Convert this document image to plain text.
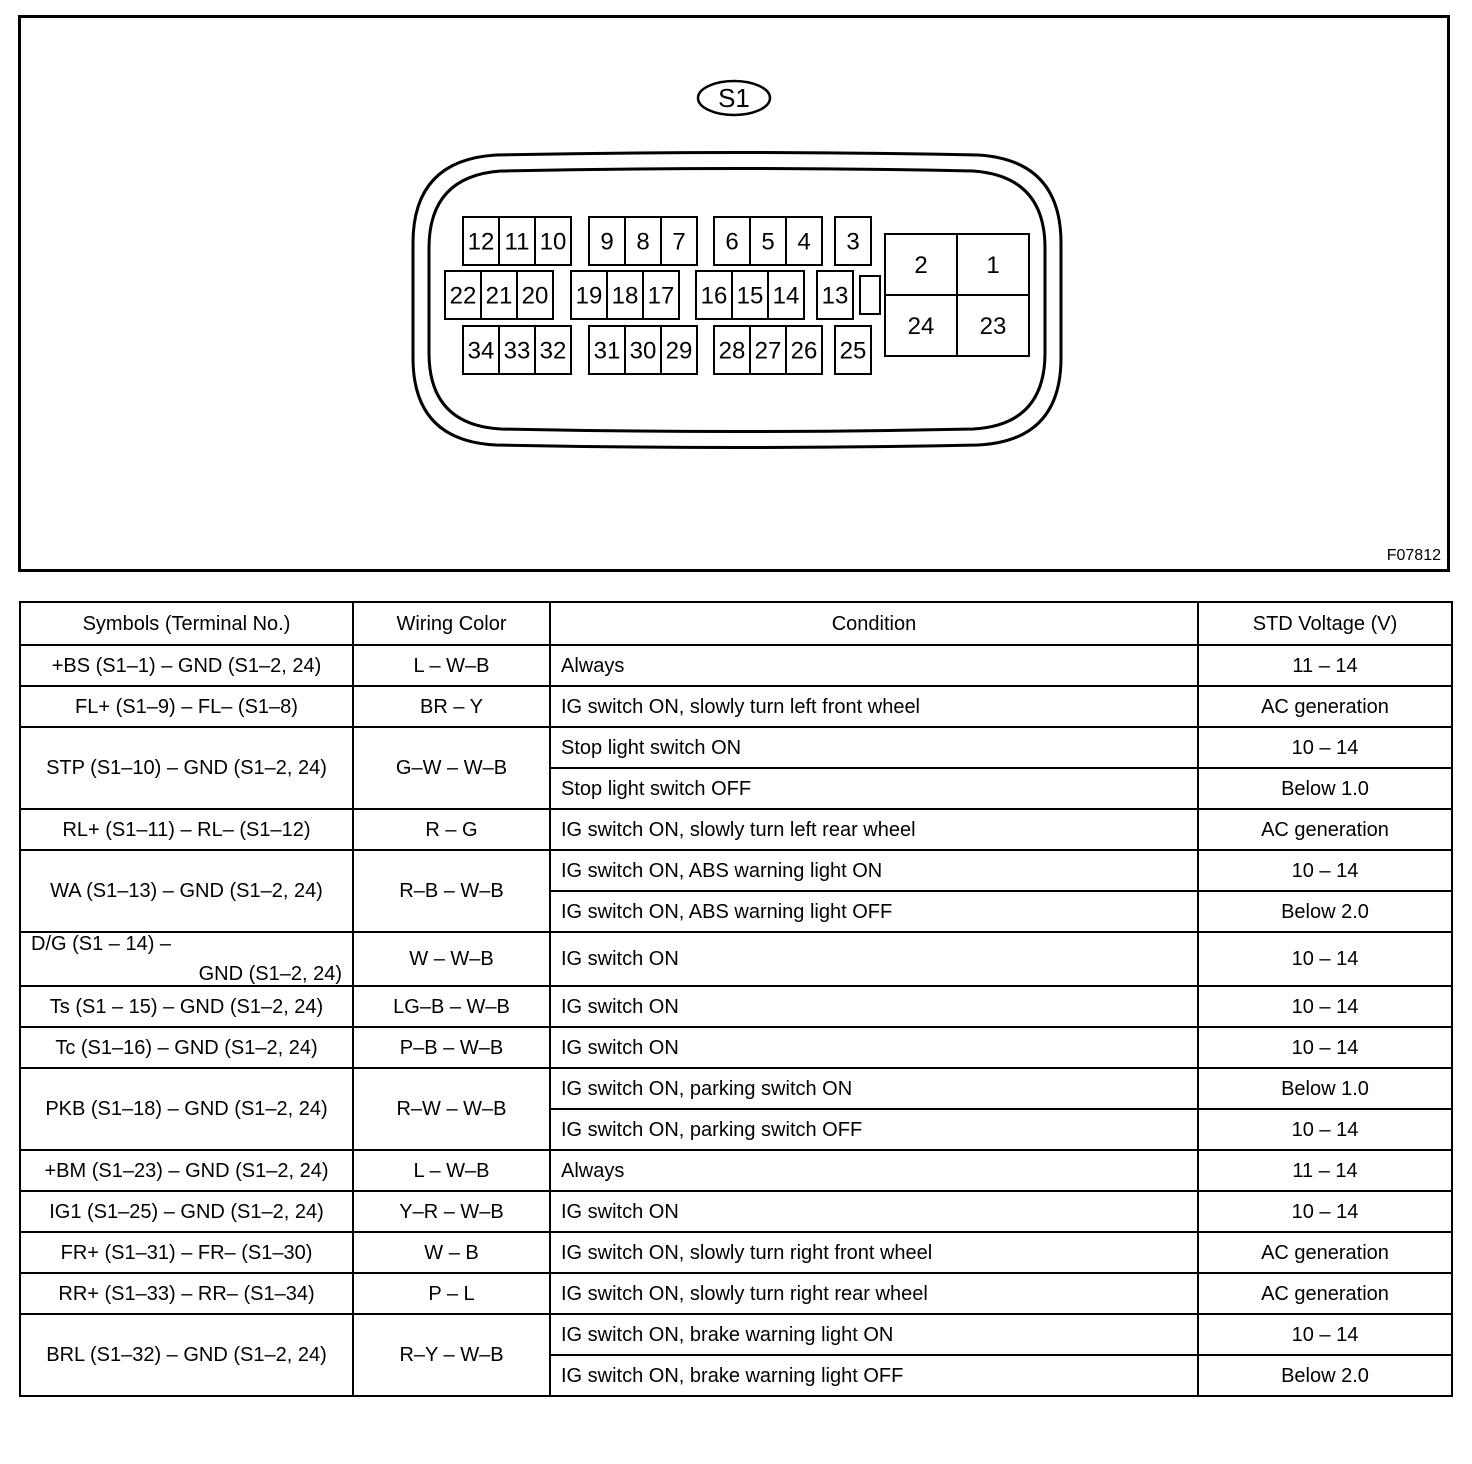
S1
12 11 10 9 8 7 6 5 4 3
22 21 20 19 18 17 16 15 14 13
34 33 32 31 30 29 28 27 26 25
2 1
24 23
F07812
Symbols (Terminal No.)	Wiring Color	Condition	STD Voltage (V)
+BS (S1–1) – GND (S1–2, 24)	L – W–B	Always	11 – 14
FL+ (S1–9) – FL– (S1–8)	BR – Y	IG switch ON, slowly turn left front wheel	AC generation
STP (S1–10) – GND (S1–2, 24)	G–W – W–B	Stop light switch ON	10 – 14
		Stop light switch OFF	Below 1.0
RL+ (S1–11) – RL– (S1–12)	R – G	IG switch ON, slowly turn left rear wheel	AC generation
WA (S1–13) – GND (S1–2, 24)	R–B – W–B	IG switch ON, ABS warning light ON	10 – 14
		IG switch ON, ABS warning light OFF	Below 2.0

D/G (S1 – 14) –
GND (S1–2, 24)	W – W–B	IG switch ON	10 – 14
Ts (S1 – 15) – GND (S1–2, 24)	LG–B – W–B	IG switch ON	10 – 14
Tc (S1–16) – GND (S1–2, 24)	P–B – W–B	IG switch ON	10 – 14
PKB (S1–18) – GND (S1–2, 24)	R–W – W–B	IG switch ON, parking switch ON	Below 1.0
		IG switch ON, parking switch OFF	10 – 14
+BM (S1–23) – GND (S1–2, 24)	L – W–B	Always	11 – 14
IG1 (S1–25) – GND (S1–2, 24)	Y–R – W–B	IG switch ON	10 – 14
FR+ (S1–31) – FR– (S1–30)	W – B	IG switch ON, slowly turn right front wheel	AC generation
RR+ (S1–33) – RR– (S1–34)	P – L	IG switch ON, slowly turn right rear wheel	AC generation
BRL (S1–32) – GND (S1–2, 24)	R–Y – W–B	IG switch ON, brake warning light ON	10 – 14
		IG switch ON, brake warning light OFF	Below 2.0
